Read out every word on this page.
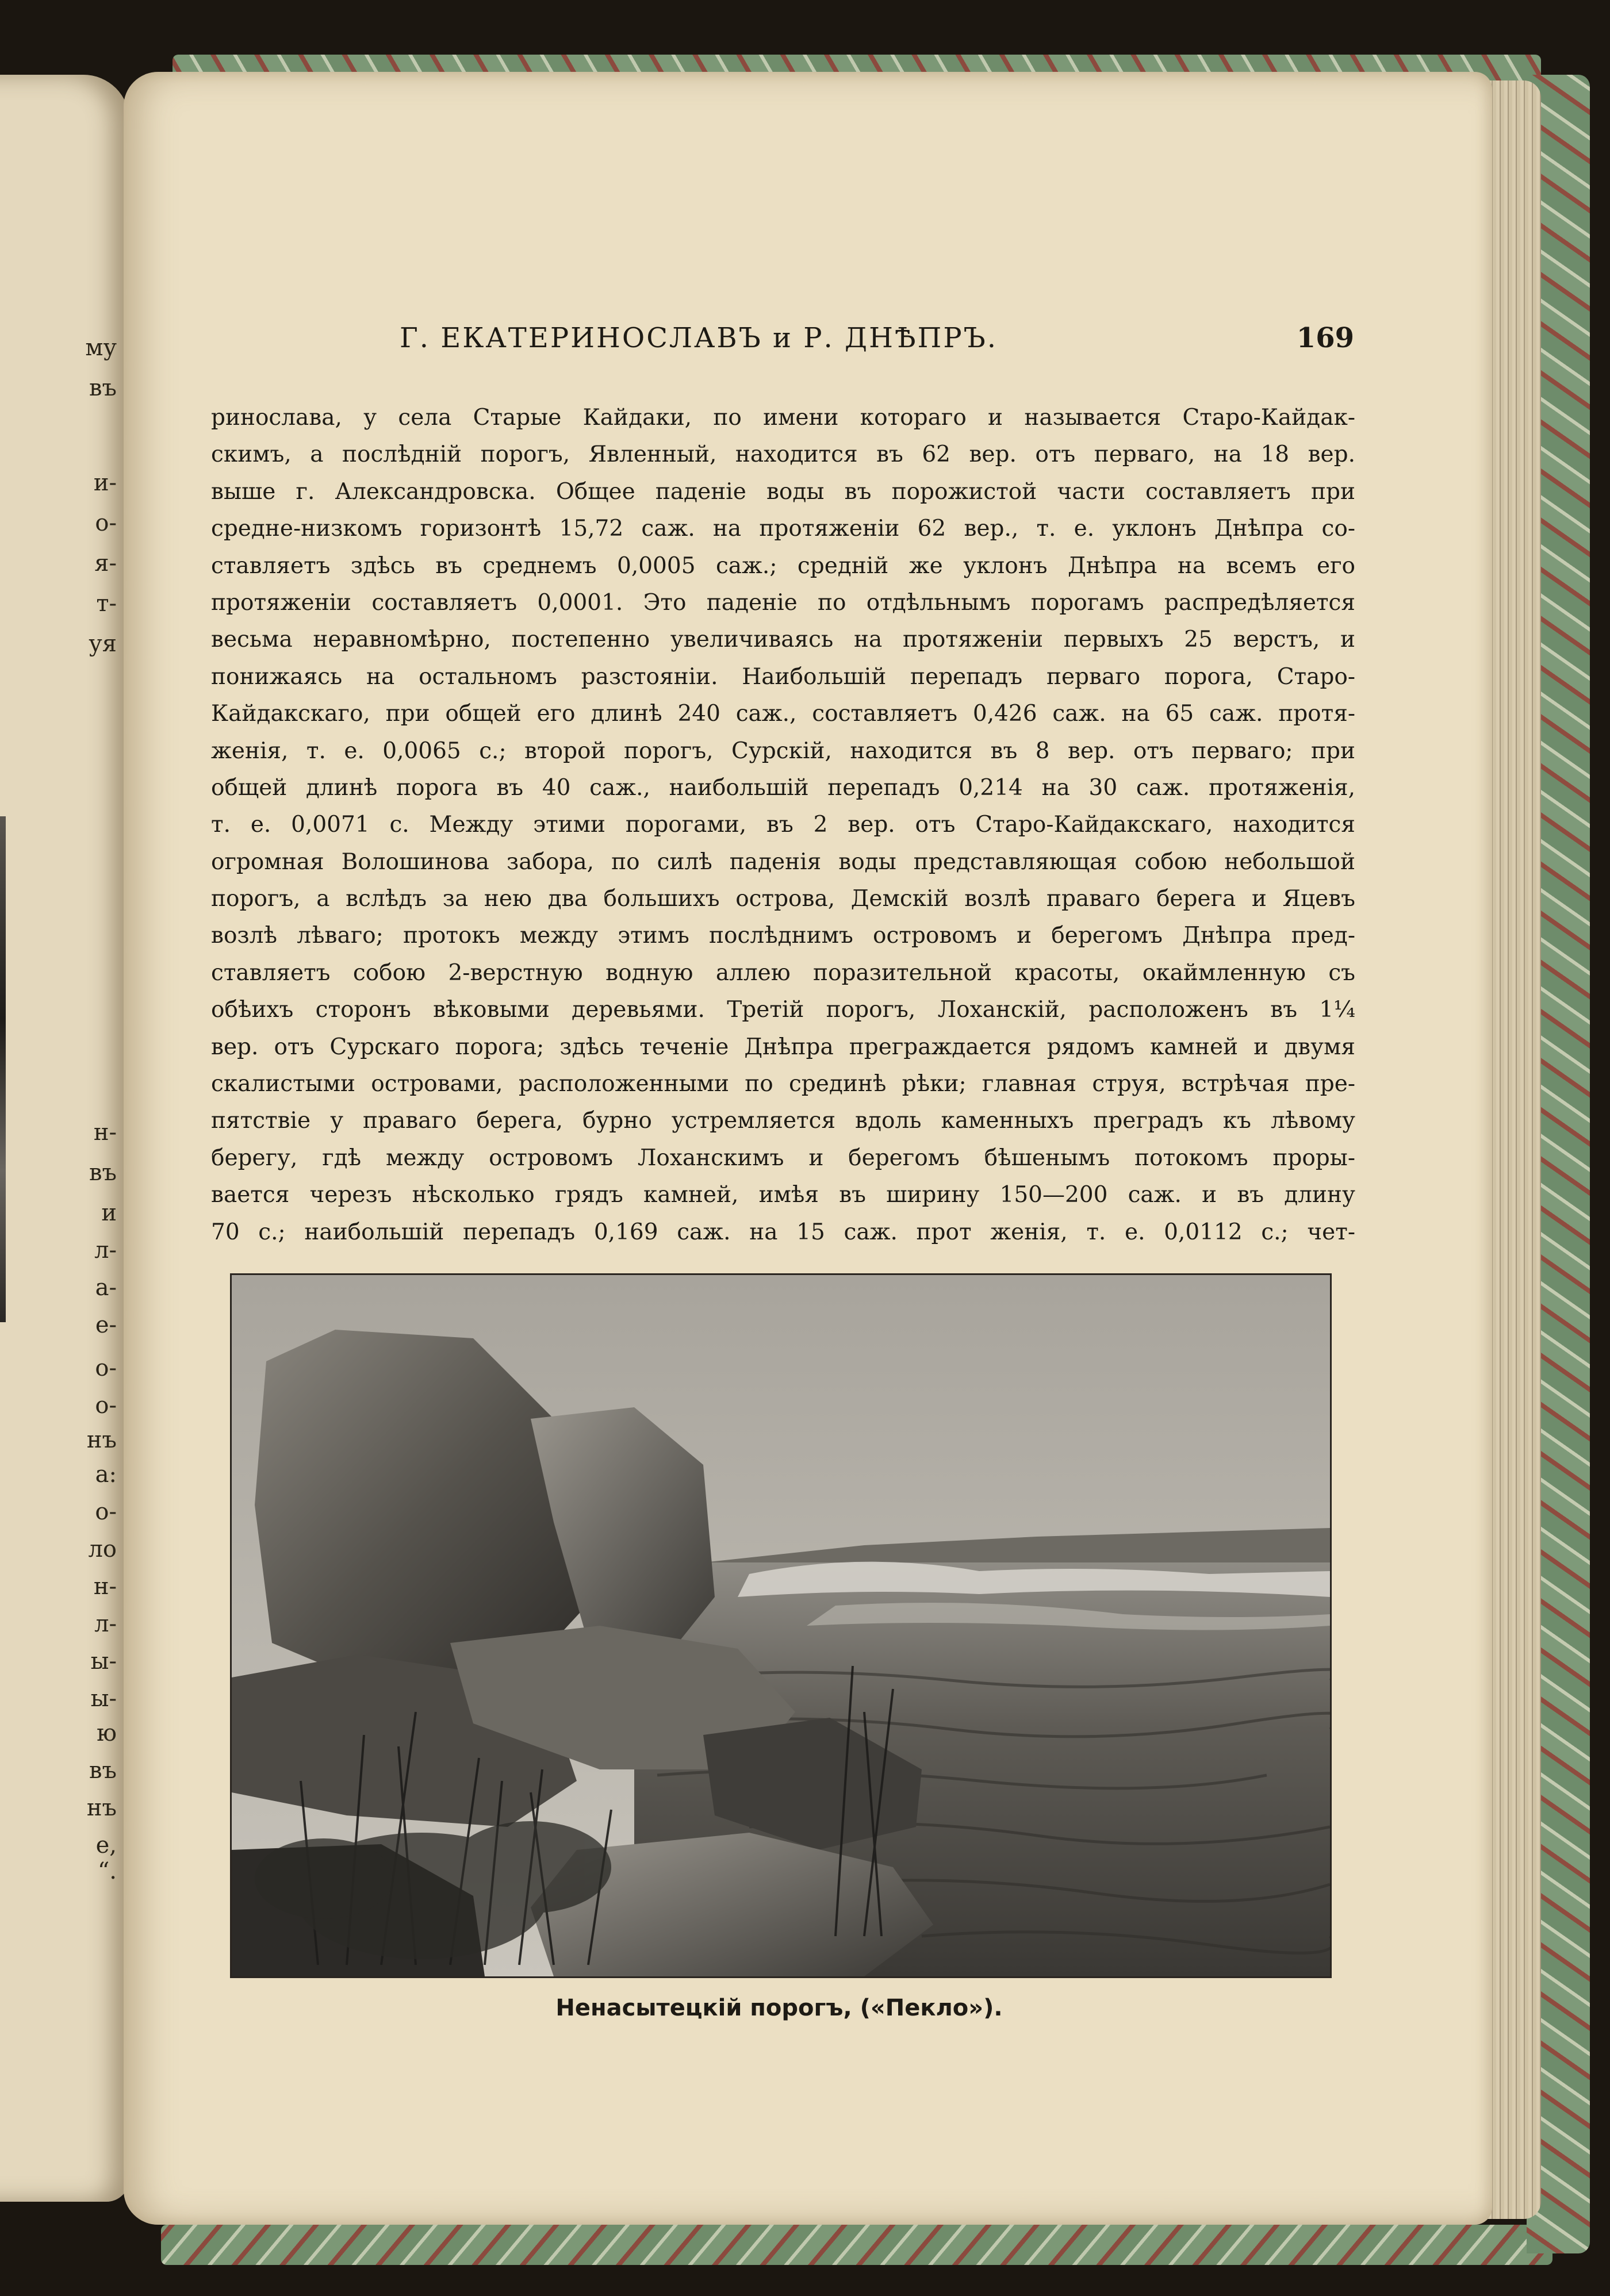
му
въ
и-
о-
я-
т-
уя
н-
въ
и
л-
а-
е-
о-
о-
нъ
а:
о-
ло
н-
л-
ы-
ы-
ю
въ
нъ
е,
“.
Г. ЕКАТЕРИНОСЛАВЪ и Р. ДНѢПРЪ.	169
ринослава, у села Старые Кайдаки, по имени котораго и называется Старо-Кайдак-
скимъ, а послѣдній порогъ, Явленный, находится въ 62 вер. отъ перваго, на 18 вер.
выше г. Александровска. Общее паденіе воды въ порожистой части составляетъ при
средне-низкомъ горизонтѣ 15,72 саж. на протяженіи 62 вер., т. е. уклонъ Днѣпра со-
ставляетъ здѣсь въ среднемъ 0,0005 саж.; средній же уклонъ Днѣпра на всемъ его
протяженіи составляетъ 0,0001. Это паденіе по отдѣльнымъ порогамъ распредѣляется
весьма неравномѣрно, постепенно увеличиваясь на протяженіи первыхъ 25 верстъ, и
понижаясь на остальномъ разстояніи. Наибольшій перепадъ перваго порога, Старо-
Кайдакскаго, при общей его длинѣ 240 саж., составляетъ 0,426 саж. на 65 саж. протя-
женія, т. е. 0,0065 с.; второй порогъ, Сурскій, находится въ 8 вер. отъ перваго; при
общей длинѣ порога въ 40 саж., наибольшій перепадъ 0,214 на 30 саж. протяженія,
т. е. 0,0071 с. Между этими порогами, въ 2 вер. отъ Старо-Кайдакскаго, находится
огромная Волошинова забора, по силѣ паденія воды представляющая собою небольшой
порогъ, а вслѣдъ за нею два большихъ острова, Демскій возлѣ праваго берега и Яцевъ
возлѣ лѣваго; протокъ между этимъ послѣднимъ островомъ и берегомъ Днѣпра пред-
ставляетъ собою 2-верстную водную аллею поразительной красоты, окаймленную съ
обѣихъ сторонъ вѣковыми деревьями. Третій порогъ, Лоханскій, расположенъ въ 1¼
вер. отъ Сурскаго порога; здѣсь теченіе Днѣпра преграждается рядомъ камней и двумя
скалистыми островами, расположенными по срединѣ рѣки; главная струя, встрѣчая пре-
пятствіе у праваго берега, бурно устремляется вдоль каменныхъ преградъ къ лѣвому
берегу, гдѣ между островомъ Лоханскимъ и берегомъ бѣшенымъ потокомъ проры-
вается черезъ нѣсколько грядъ камней, имѣя въ ширину 150—200 саж. и въ длину
70 с.; наибольшій перепадъ 0,169 саж. на 15 саж. прот женія, т. е. 0,0112 с.; чет-
Ненасытецкій порогъ, («Пекло»).
